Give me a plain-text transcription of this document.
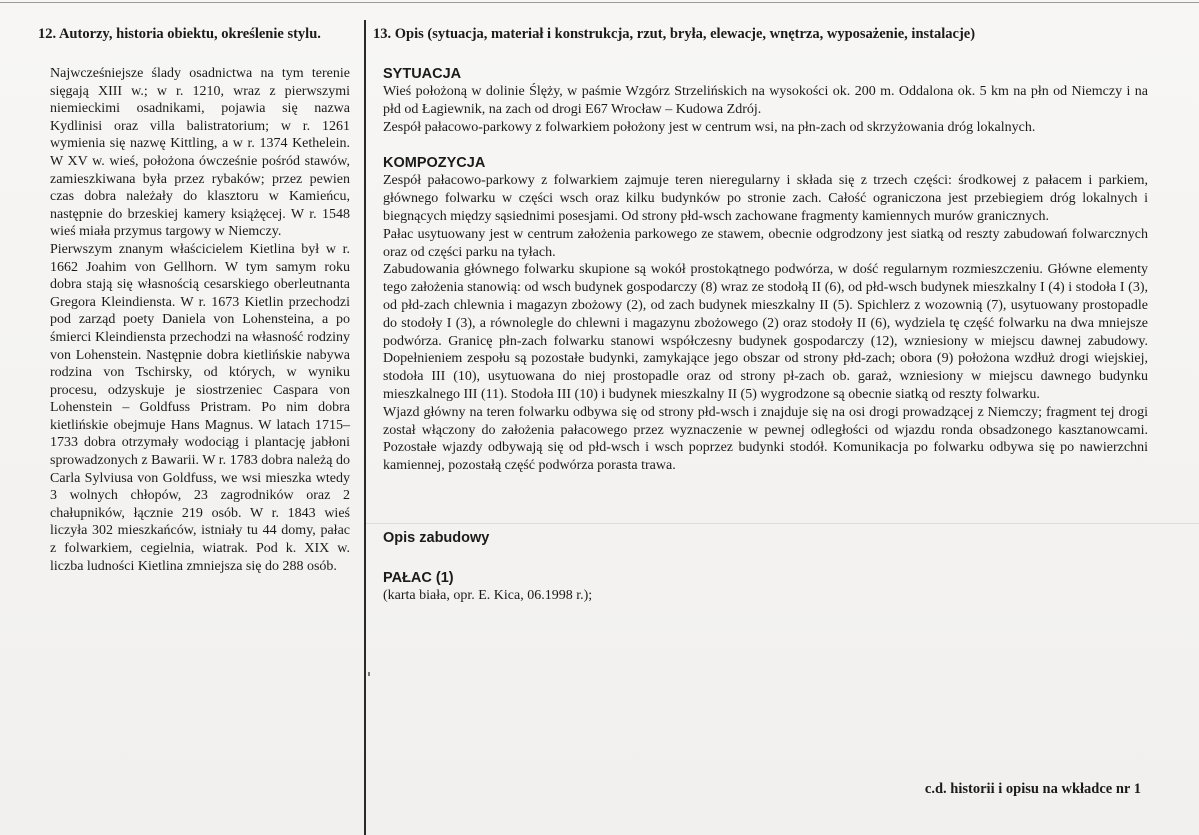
12. Autorzy, historia obiektu, określenie stylu.

Najwcześniejsze ślady osadnictwa na tym terenie sięgają XIII w.; w r. 1210, wraz z pierwszymi niemieckimi osadnikami, pojawia się nazwa Kydlinisi oraz villa balistratorium; w r. 1261 wymienia się nazwę Kittling, a w r. 1374 Kethelein. W XV w. wieś, położona ówcześnie pośród stawów, zamieszkiwana była przez rybaków; przez pewien czas dobra należały do klasztoru w Kamieńcu, następnie do brzeskiej kamery książęcej. W r. 1548 wieś miała przymus targowy w Niemczy.

Pierwszym znanym właścicielem Kietlina był w r. 1662 Joahim von Gellhorn. W tym samym roku dobra stają się własnością cesarskiego oberleutnanta Gregora Kleindiensta. W r. 1673 Kietlin przechodzi pod zarząd poety Daniela von Lohensteina, a po śmierci Kleindiensta przechodzi na własność rodziny von Lohenstein. Następnie dobra kietlińskie nabywa rodzina von Tschirsky, od których, w wyniku procesu, odzyskuje je siostrzeniec Caspara von Lohenstein – Goldfuss Pristram. Po nim dobra kietlińskie obejmuje Hans Magnus. W latach 1715–1733 dobra otrzymały wodociąg i plantację jabłoni sprowadzonych z Bawarii. W r. 1783 dobra należą do Carla Sylviusa von Goldfuss, we wsi mieszka wtedy 3 wolnych chłopów, 23 zagrodników oraz 2 chałupników, łącznie 219 osób. W r. 1843 wieś liczyła 302 mieszkańców, istniały tu 44 domy, pałac z folwarkiem, cegielnia, wiatrak. Pod k. XIX w. liczba ludności Kietlina zmniejsza się do 288 osób.

13. Opis (sytuacja, materiał i konstrukcja, rzut, bryła, elewacje, wnętrza, wyposażenie, instalacje)
SYTUACJA

Wieś położoną w dolinie Ślęży, w paśmie Wzgórz Strzelińskich na wysokości ok. 200 m. Oddalona ok. 5 km na płn od Niemczy i na płd od Łagiewnik, na zach od drogi E67 Wrocław – Kudowa Zdrój.

Zespół pałacowo-parkowy z folwarkiem położony jest w centrum wsi, na płn-zach od skrzyżowania dróg lokalnych.

KOMPOZYCJA

Zespół pałacowo-parkowy z folwarkiem zajmuje teren nieregularny i składa się z trzech części: środkowej z pałacem i parkiem, głównego folwarku w części wsch oraz kilku budynków po stronie zach. Całość ograniczona jest przebiegiem dróg lokalnych i biegnących między sąsiednimi posesjami. Od strony płd-wsch zachowane fragmenty kamiennych murów granicznych.

Pałac usytuowany jest w centrum założenia parkowego ze stawem, obecnie odgrodzony jest siatką od reszty zabudowań folwarcznych oraz od części parku na tyłach.

Zabudowania głównego folwarku skupione są wokół prostokątnego podwórza, w dość regularnym rozmieszczeniu. Główne elementy tego założenia stanowią: od wsch budynek gospodarczy (8) wraz ze stodołą II (6), od płd-wsch budynek mieszkalny I (4) i stodoła I (3), od płd-zach chlewnia i magazyn zbożowy (2), od zach budynek mieszkalny II (5). Spichlerz z wozownią (7), usytuowany prostopadle do stodoły I (3), a równolegle do chlewni i magazynu zbożowego (2) oraz stodoły II (6), wydziela tę część folwarku na dwa mniejsze podwórza. Granicę płn-zach folwarku stanowi współczesny budynek gospodarczy (12), wzniesiony w miejscu dawnej zabudowy. Dopełnieniem zespołu są pozostałe budynki, zamykające jego obszar od strony płd-zach; obora (9) położona wzdłuż drogi wiejskiej, stodoła III (10), usytuowana do niej prostopadle oraz od strony pł-zach ob. garaż, wzniesiony w miejscu dawnego budynku mieszkalnego III (11). Stodoła III (10) i budynek mieszkalny II (5) wygrodzone są obecnie siatką od reszty folwarku.

Wjazd główny na teren folwarku odbywa się od strony płd-wsch i znajduje się na osi drogi prowadzącej z Niemczy; fragment tej drogi został włączony do założenia pałacowego przez wyznaczenie w pewnej odległości od wjazdu ronda obsadzonego kasztanowcami. Pozostałe wjazdy odbywają się od płd-wsch i wsch poprzez budynki stodół. Komunikacja po folwarku odbywa się po nawierzchni kamiennej, pozostałą część podwórza porasta trawa.

Opis zabudowy
PAŁAC (1)
(karta biała, opr. E. Kica, 06.1998 r.);
c.d. historii i opisu na wkładce nr 1
